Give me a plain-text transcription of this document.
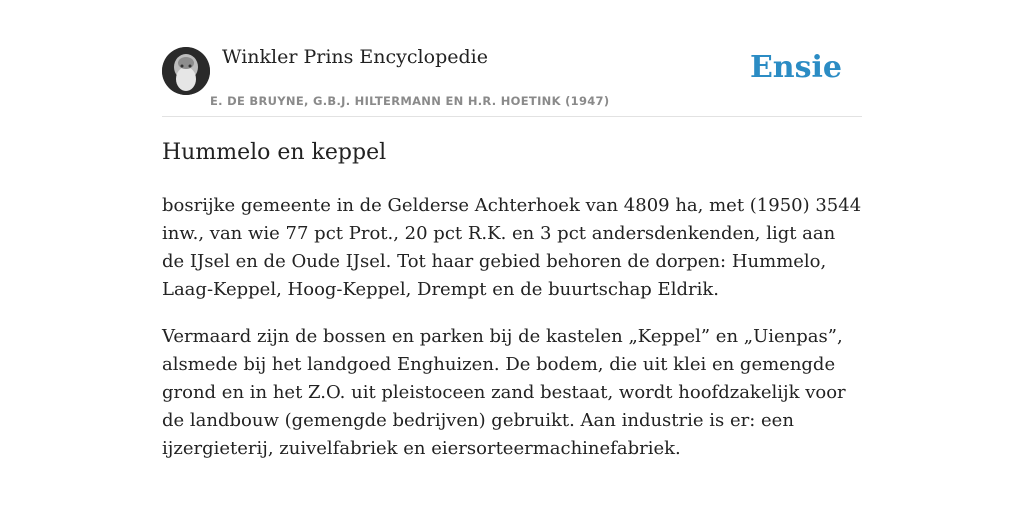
Winkler Prins Encyclopedie
E. DE BRUYNE, G.B.J. HILTERMANN EN H.R. HOETINK (1947)
Ensie
Hummelo en keppel

bosrijke gemeente in de Gelderse Achterhoek van 4809 ha, met (1950) 3544 inw., van wie 77 pct Prot., 20 pct R.K. en 3 pct andersdenkenden, ligt aan de IJsel en de Oude IJsel. Tot haar gebied behoren de dorpen: Hummelo, Laag-Keppel, Hoog-Keppel, Drempt en de buurtschap Eldrik.

Vermaard zijn de bossen en parken bij de kastelen „Keppel” en „Uienpas”, alsmede bij het landgoed Enghuizen. De bodem, die uit klei en gemengde grond en in het Z.O. uit pleistoceen zand bestaat, wordt hoofdzakelijk voor de landbouw (gemengde bedrijven) gebruikt. Aan industrie is er: een ijzergieterij, zuivelfabriek en eiersorteermachinefabriek.
